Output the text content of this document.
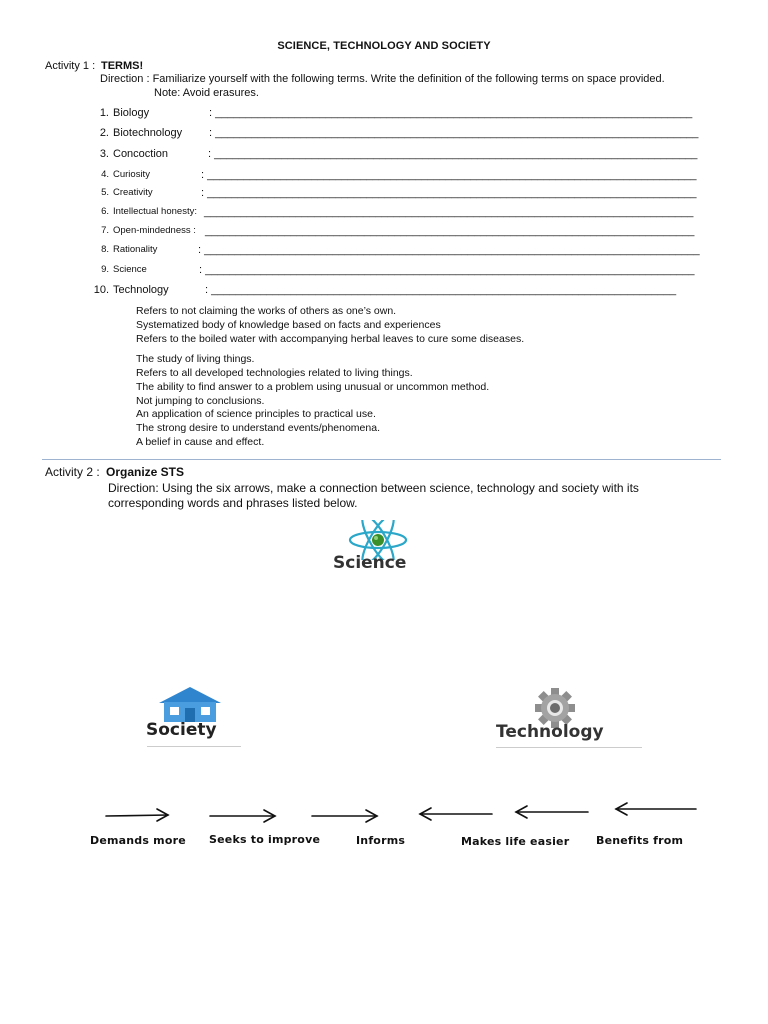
SCIENCE, TECHNOLOGY AND SOCIETY
Activity 1 : TERMS!
Direction : Familiarize yourself with the following terms. Write the definition of the following terms on space provided.
Note: Avoid erasures.
1. Biology	: ______________________________________________________________________________
2. Biotechnology : _______________________________________________________________________________
3. Concoction	: _______________________________________________________________________________
4. Curiosity	: ________________________________________________________________________________
5. Creativity	: ________________________________________________________________________________
6. Intellectual honesty: ________________________________________________________________________________
7. Open-mindedness : ________________________________________________________________________________
8. Rationality	: _________________________________________________________________________________
9. Science	: ________________________________________________________________________________
10. Technology	: ____________________________________________________________________________
Refers to not claiming the works of others as one’s own.
Systematized body of knowledge based on facts and experiences
Refers to the boiled water with accompanying herbal leaves to cure some diseases.
The study of living things.
Refers to all developed technologies related to living things.
The ability to find answer to a problem using unusual or uncommon method.
Not jumping to conclusions.
An application of science principles to practical use.
The strong desire to understand events/phenomena.
A belief in cause and effect.
Activity 2 : Organize STS
Direction: Using the six arrows, make a connection between science, technology and society with its corresponding words and phrases listed below.
Science
Society	Technology
Demands more Seeks to improve	Informs	Makes life easier Benefits from
